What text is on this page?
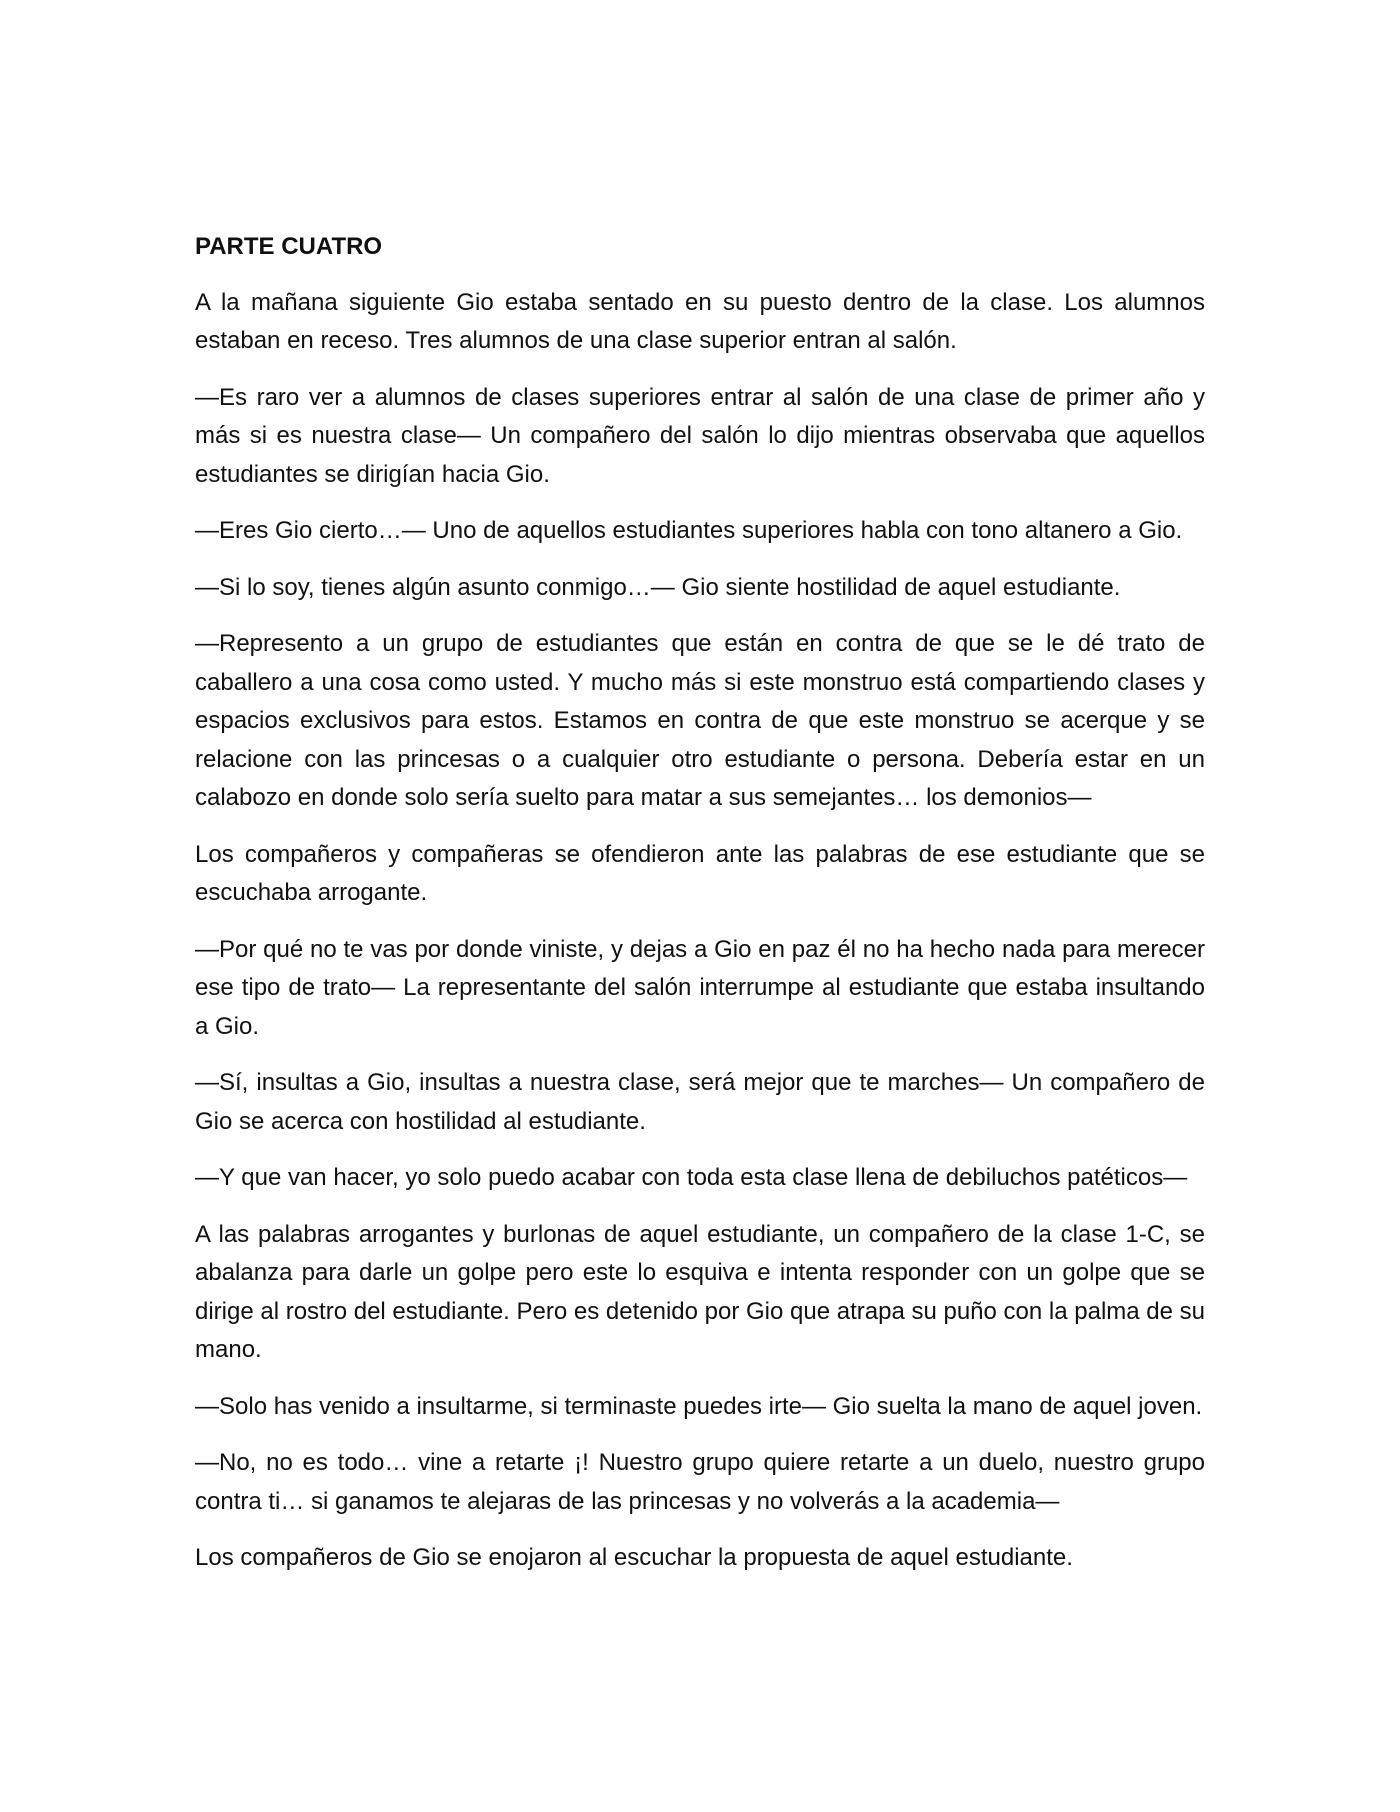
PARTE CUATRO

A la mañana siguiente Gio estaba sentado en su puesto dentro de la clase. Los alumnos estaban en receso. Tres alumnos de una clase superior entran al salón.

—Es raro ver a alumnos de clases superiores entrar al salón de una clase de primer año y más si es nuestra clase— Un compañero del salón lo dijo mientras observaba que aquellos estudiantes se dirigían hacia Gio.

—Eres Gio cierto…— Uno de aquellos estudiantes superiores habla con tono altanero a Gio.

—Si lo soy, tienes algún asunto conmigo…— Gio siente hostilidad de aquel estudiante.

—Represento a un grupo de estudiantes que están en contra de que se le dé trato de caballero a una cosa como usted. Y mucho más si este monstruo está compartiendo clases y espacios exclusivos para estos. Estamos en contra de que este monstruo se acerque y se relacione con las princesas o a cualquier otro estudiante o persona. Debería estar en un calabozo en donde solo sería suelto para matar a sus semejantes… los demonios—

Los compañeros y compañeras se ofendieron ante las palabras de ese estudiante que se escuchaba arrogante.

—Por qué no te vas por donde viniste, y dejas a Gio en paz él no ha hecho nada para merecer ese tipo de trato— La representante del salón interrumpe al estudiante que estaba insultando a Gio.

—Sí, insultas a Gio, insultas a nuestra clase, será mejor que te marches— Un compañero de Gio se acerca con hostilidad al estudiante.

—Y que van hacer, yo solo puedo acabar con toda esta clase llena de debiluchos patéticos—

A las palabras arrogantes y burlonas de aquel estudiante, un compañero de la clase 1-C, se abalanza para darle un golpe pero este lo esquiva e intenta responder con un golpe que se dirige al rostro del estudiante. Pero es detenido por Gio que atrapa su puño con la palma de su mano.

—Solo has venido a insultarme, si terminaste puedes irte— Gio suelta la mano de aquel joven.

—No, no es todo… vine a retarte ¡! Nuestro grupo quiere retarte a un duelo, nuestro grupo contra ti… si ganamos te alejaras de las princesas y no volverás a la academia—

Los compañeros de Gio se enojaron al escuchar la propuesta de aquel estudiante.
